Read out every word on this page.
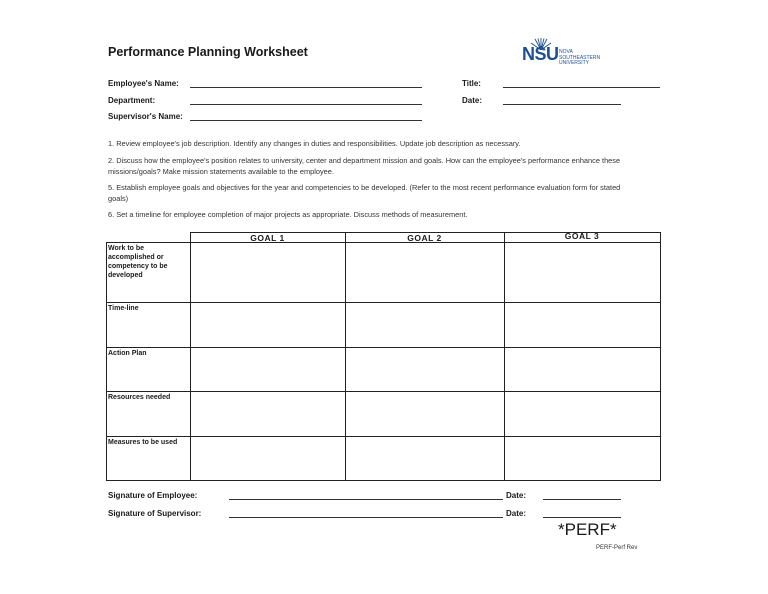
Performance Planning Worksheet	NSU NOVA
SOUTHEASTERN
UNIVERSITY
Employee's Name:
Department:
Supervisor's Name:
Title:
Date:
1. Review employee's job description. Identify any changes in duties and responsibilities. Update job description as necessary.
2. Discuss how the employee's position relates to university, center and department mission and goals. How can the employee's performance enhance these missions/goals? Make mission statements available to the employee.
5. Establish employee goals and objectives for the year and competencies to be developed. (Refer to the most recent performance evaluation form for stated goals)
6. Set a timeline for employee completion of major projects as appropriate. Discuss methods of measurement.
GOAL 1	GOAL 2	GOAL 3
Work to be accomplished or competency to be developed
Time-line
Action Plan
Resources needed
Measures to be used
Signature of Employee:	Date:
Signature of Supervisor:	Date:
*PERF*
PERF-Perf Rev
